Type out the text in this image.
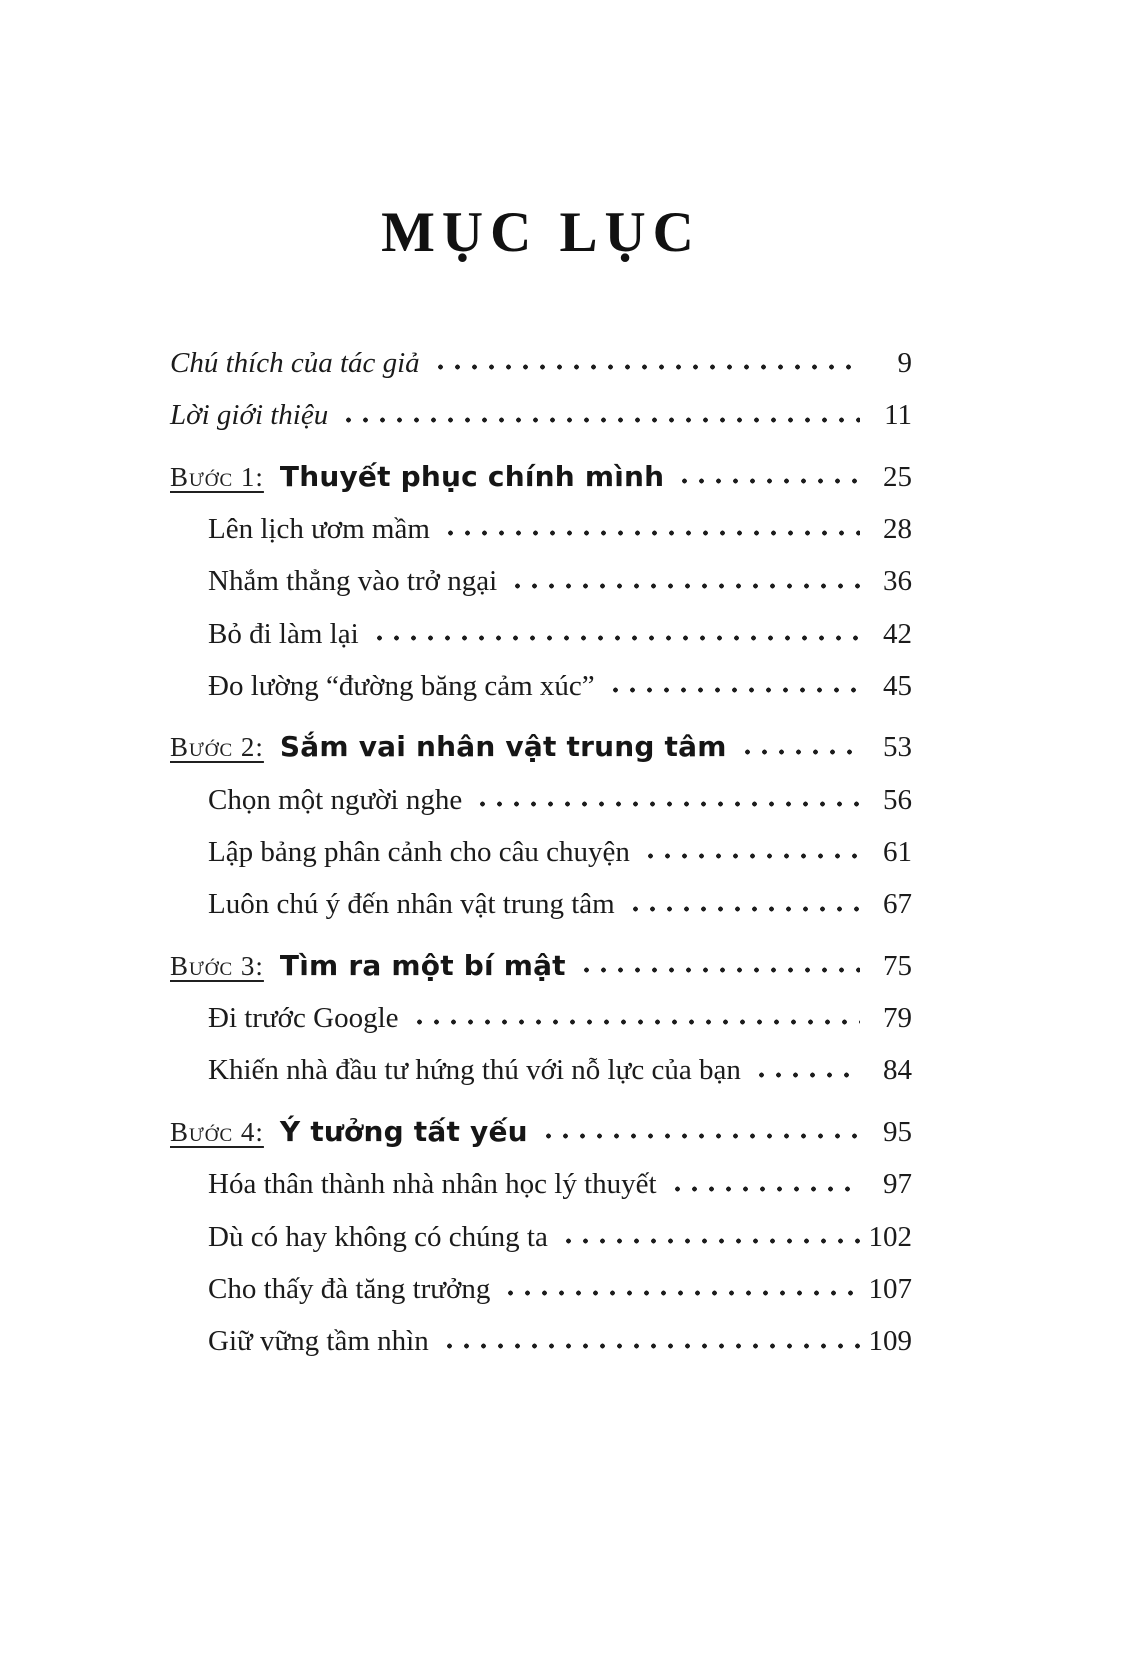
MỤC LỤC
Chú thích của tác giả	9
Lời giới thiệu	11
Bước 1: Thuyết phục chính mình	25
Lên lịch ươm mầm	28
Nhắm thẳng vào trở ngại	36
Bỏ đi làm lại	42
Đo lường “đường băng cảm xúc”	45
Bước 2: Sắm vai nhân vật trung tâm	53
Chọn một người nghe	56
Lập bảng phân cảnh cho câu chuyện	61
Luôn chú ý đến nhân vật trung tâm	67
Bước 3: Tìm ra một bí mật	75
Đi trước Google	79
Khiến nhà đầu tư hứng thú với nỗ lực của bạn	84
Bước 4: Ý tưởng tất yếu	95
Hóa thân thành nhà nhân học lý thuyết	97
Dù có hay không có chúng ta	102
Cho thấy đà tăng trưởng	107
Giữ vững tầm nhìn	109
